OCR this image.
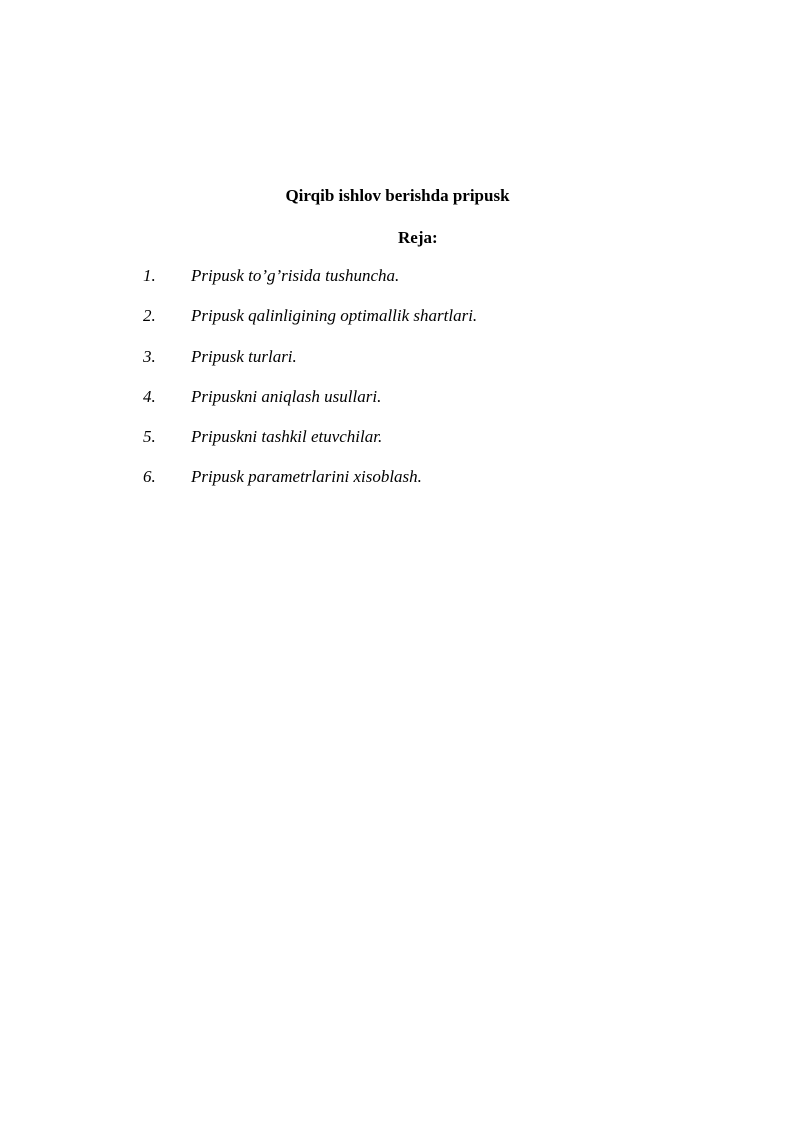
Qirqib ishlov berishda pripusk
Reja:
1. Pripusk to’g’risida tushuncha.
2. Pripusk qalinligining optimallik shartlari.
3. Pripusk turlari.
4. Pripuskni aniqlash usullari.
5. Pripuskni tashkil etuvchilar.
6. Pripusk parametrlarini xisoblash.
